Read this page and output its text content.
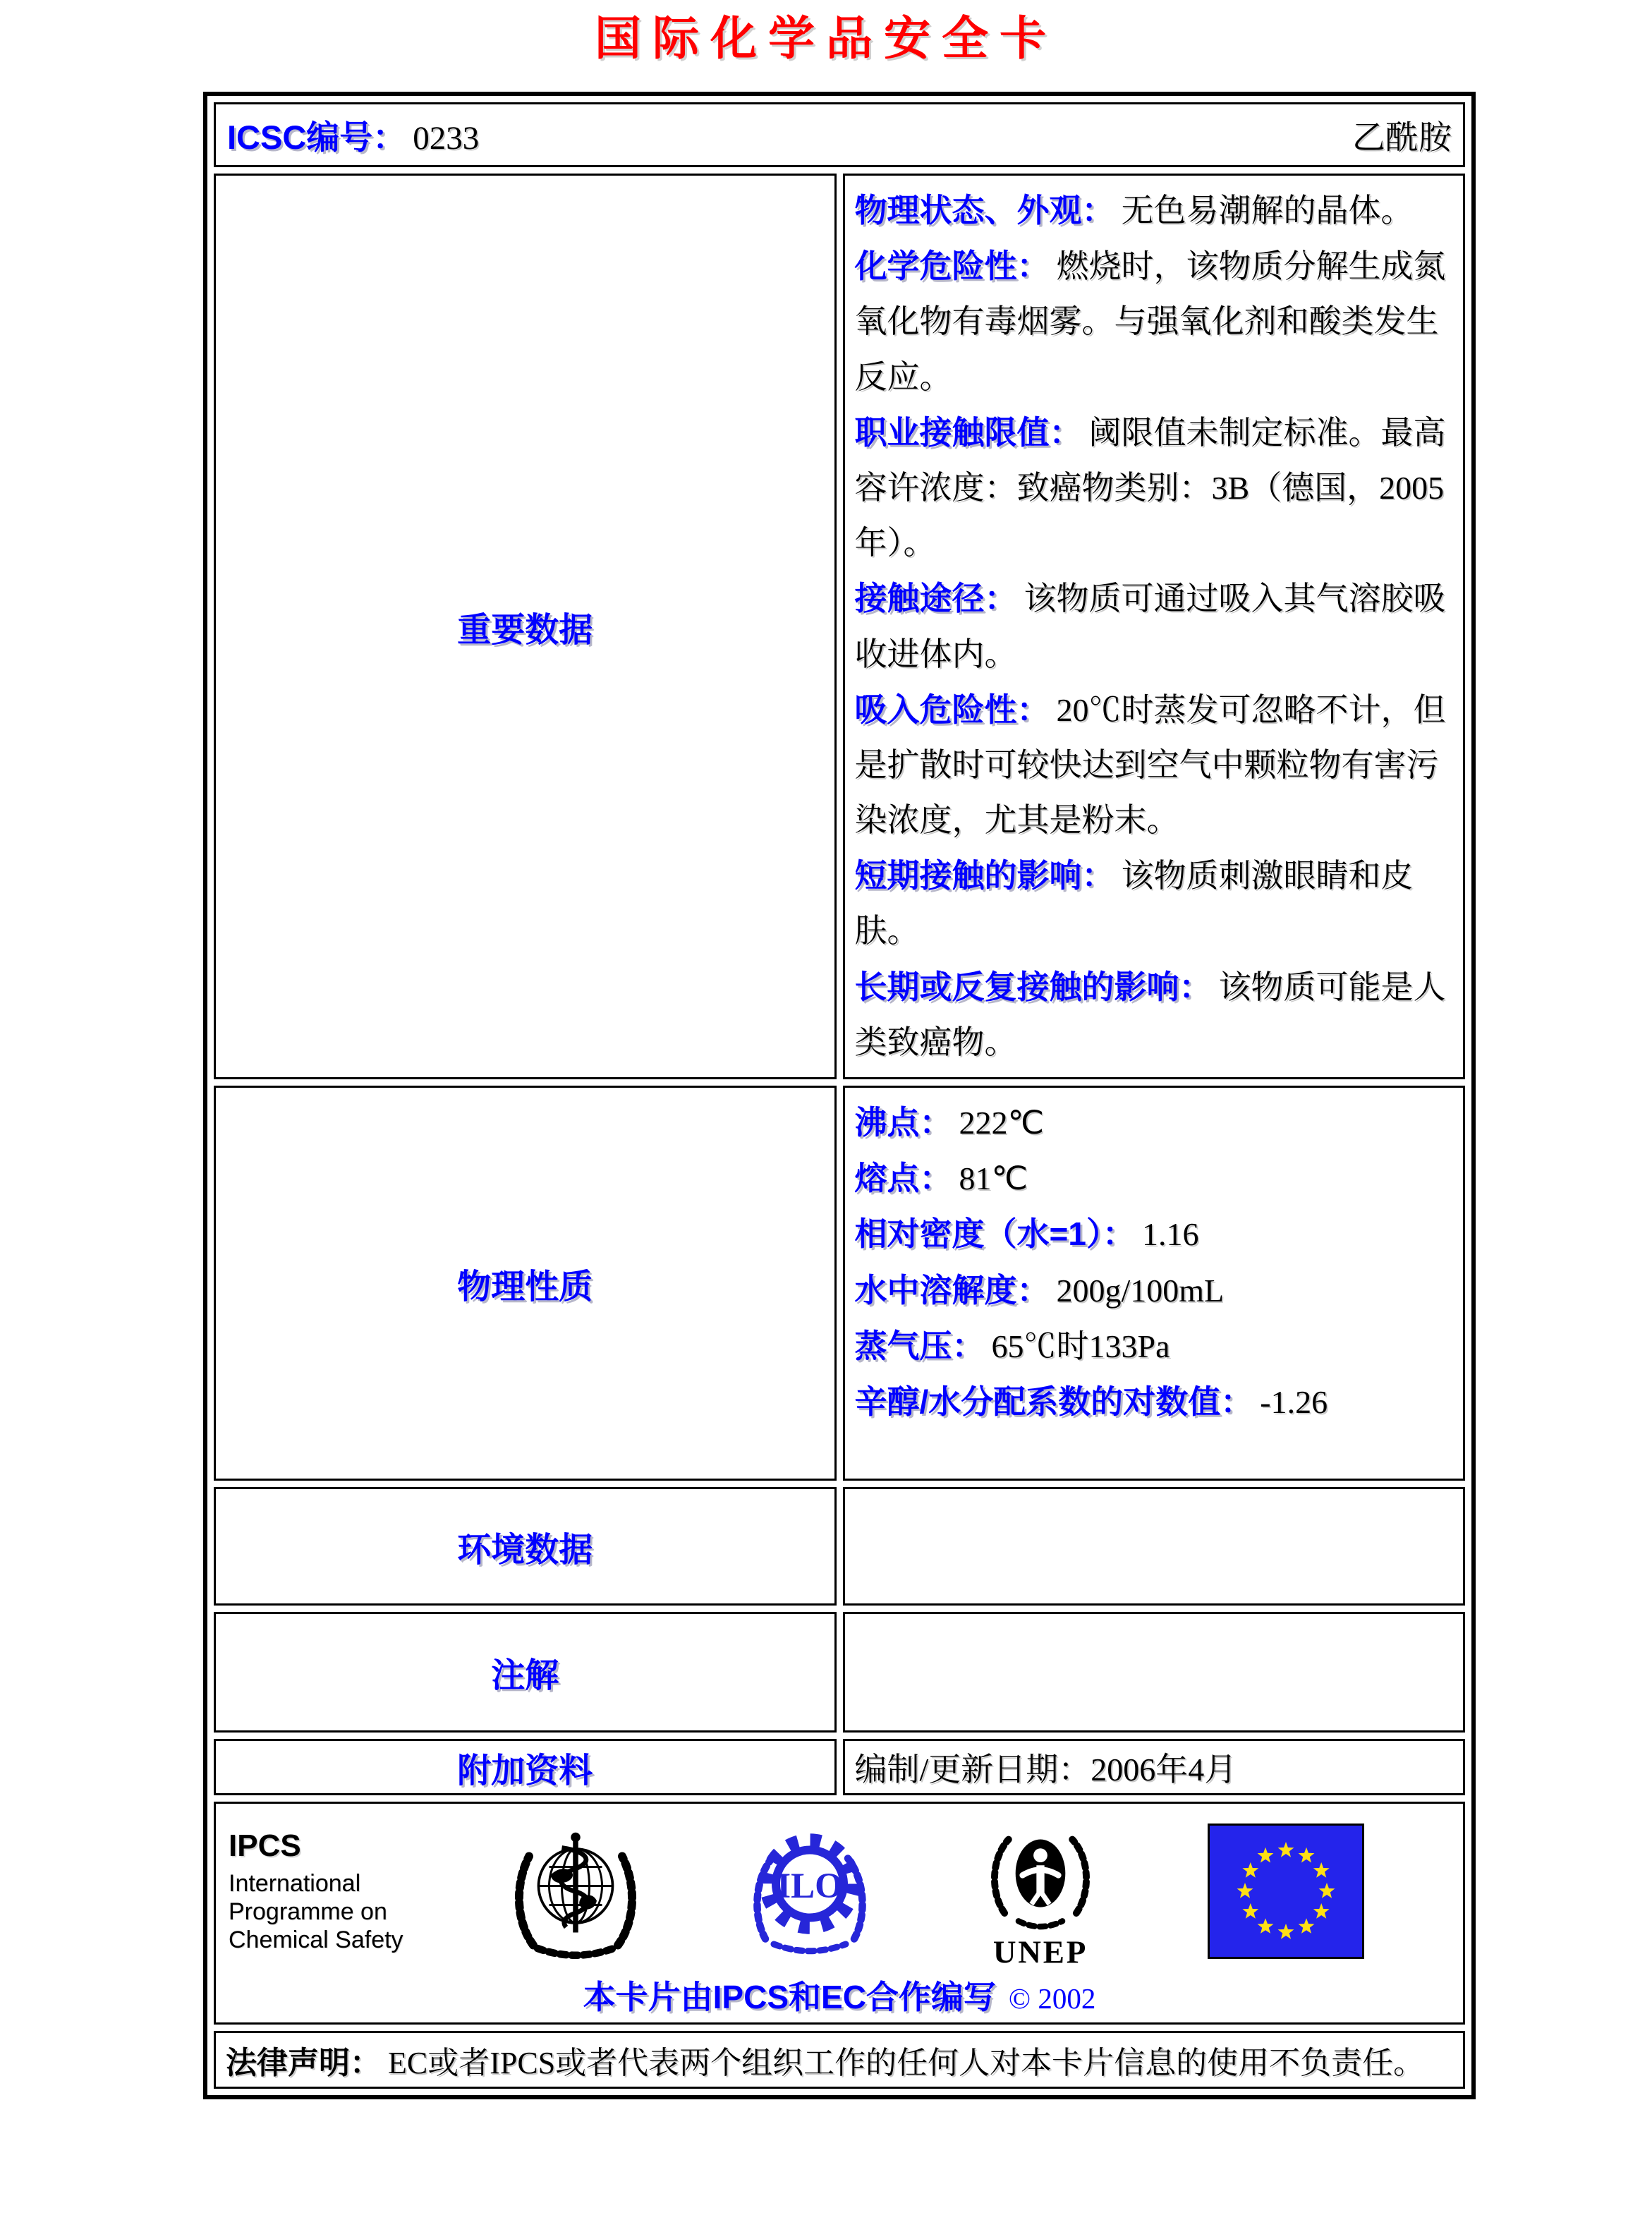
国际化学品安全卡
ICSC编号： 0233 乙酰胺	

重要数据	

物理状态、外观： 无色易潮解的晶体。

化学危险性： 燃烧时，该物质分解生成氮氧化物有毒烟雾。与强氧化剂和酸类发生反应。

职业接触限值： 阈限值未制定标准。最高容许浓度：致癌物类别：3B（德国，2005年）。

接触途径： 该物质可通过吸入其气溶胶吸收进体内。

吸入危险性： 20℃时蒸发可忽略不计，但是扩散时可较快达到空气中颗粒物有害污染浓度，尤其是粉末。

短期接触的影响： 该物质刺激眼睛和皮肤。

长期或反复接触的影响： 该物质可能是人类致癌物。

物理性质	

沸点： 222℃

熔点： 81℃

相对密度（水=1）： 1.16

水中溶解度： 200g/100mL

蒸气压： 65℃时133Pa

辛醇/水分配系数的对数值： -1.26

环境数据	
注解	
附加资料	编制/更新日期：2006年4月

IPCS
International
Programme on
Chemical Safety
ILO
UNEP
本卡片由IPCS和EC合作编写 © 2002

法律声明： EC或者IPCS或者代表两个组织工作的任何人对本卡片信息的使用不负责任。	
